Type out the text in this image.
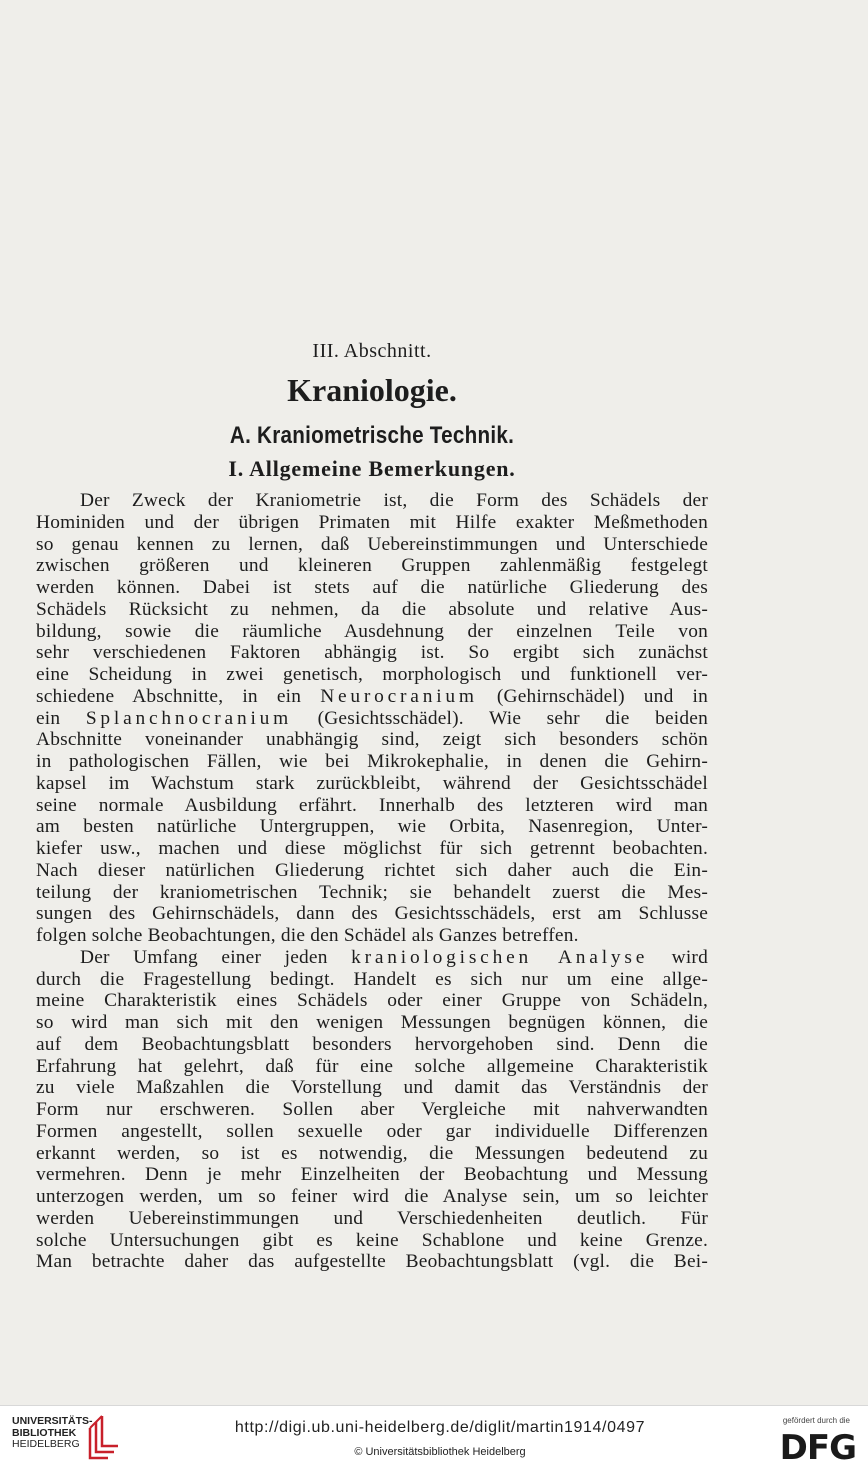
III. Abschnitt.
Kraniologie.
A. Kraniometrische Technik.
I. Allgemeine Bemerkungen.
Der Zweck der Kraniometrie ist, die Form des Schädels der
Hominiden und der übrigen Primaten mit Hilfe exakter Meßmethoden
so genau kennen zu lernen, daß Uebereinstimmungen und Unterschiede
zwischen größeren und kleineren Gruppen zahlenmäßig festgelegt
werden können. Dabei ist stets auf die natürliche Gliederung des
Schädels Rücksicht zu nehmen, da die absolute und relative Aus-
bildung, sowie die räumliche Ausdehnung der einzelnen Teile von
sehr verschiedenen Faktoren abhängig ist. So ergibt sich zunächst
eine Scheidung in zwei genetisch, morphologisch und funktionell ver-
schiedene Abschnitte, in ein Neurocranium (Gehirnschädel) und in
ein Splanchnocranium (Gesichtsschädel). Wie sehr die beiden
Abschnitte voneinander unabhängig sind, zeigt sich besonders schön
in pathologischen Fällen, wie bei Mikrokephalie, in denen die Gehirn-
kapsel im Wachstum stark zurückbleibt, während der Gesichtsschädel
seine normale Ausbildung erfährt. Innerhalb des letzteren wird man
am besten natürliche Untergruppen, wie Orbita, Nasenregion, Unter-
kiefer usw., machen und diese möglichst für sich getrennt beobachten.
Nach dieser natürlichen Gliederung richtet sich daher auch die Ein-
teilung der kraniometrischen Technik; sie behandelt zuerst die Mes-
sungen des Gehirnschädels, dann des Gesichtsschädels, erst am Schlusse
folgen solche Beobachtungen, die den Schädel als Ganzes betreffen.
Der Umfang einer jeden kraniologischen Analyse wird
durch die Fragestellung bedingt. Handelt es sich nur um eine allge-
meine Charakteristik eines Schädels oder einer Gruppe von Schädeln,
so wird man sich mit den wenigen Messungen begnügen können, die
auf dem Beobachtungsblatt besonders hervorgehoben sind. Denn die
Erfahrung hat gelehrt, daß für eine solche allgemeine Charakteristik
zu viele Maßzahlen die Vorstellung und damit das Verständnis der
Form nur erschweren. Sollen aber Vergleiche mit nahverwandten
Formen angestellt, sollen sexuelle oder gar individuelle Differenzen
erkannt werden, so ist es notwendig, die Messungen bedeutend zu
vermehren. Denn je mehr Einzelheiten der Beobachtung und Messung
unterzogen werden, um so feiner wird die Analyse sein, um so leichter
werden Uebereinstimmungen und Verschiedenheiten deutlich. Für
solche Untersuchungen gibt es keine Schablone und keine Grenze.
Man betrachte daher das aufgestellte Beobachtungsblatt (vgl. die Bei-
UNIVERSITÄTS-
BIBLIOTHEK
HEIDELBERG
http://digi.ub.uni-heidelberg.de/diglit/martin1914/0497
© Universitätsbibliothek Heidelberg
gefördert durch die
DFG
